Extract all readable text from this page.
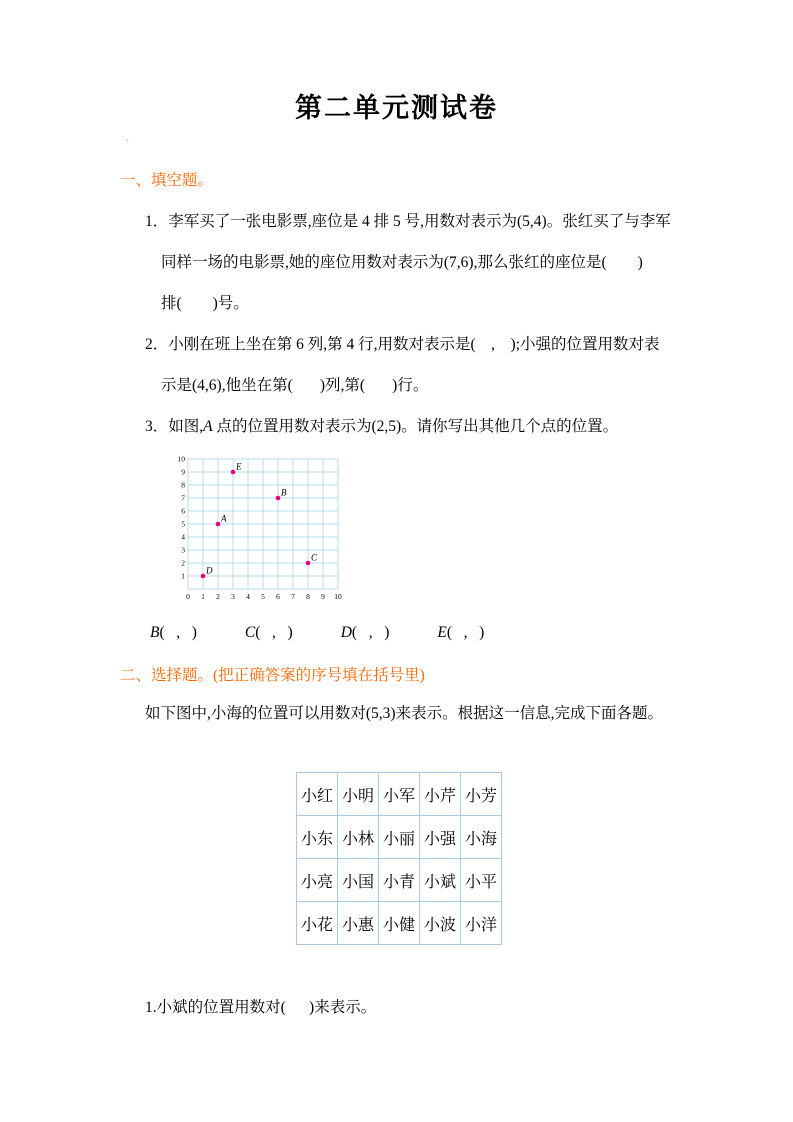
·
第二单元测试卷
一、填空题。
1．李军买了一张电影票,座位是 4 排 5 号,用数对表示为(5,4)。张红买了与李军
同样一场的电影票,她的座位用数对表示为(7,6),那么张红的座位是(        )
排(        )号。
2．小刚在班上坐在第 6 列,第 4 行,用数对表示是(    ,    );小强的位置用数对表
示是(4,6),他坐在第(       )列,第(       )行。
3．如图,A 点的位置用数对表示为(2,5)。请你写出其他几个点的位置。
0 1 2 3 4 5 6 7 8 9 10
1
2
3
4
5
6
7
8
9
10
A
B
C
D
E
B(   ,   )	C(   ,   )	D(   ,   )	E(   ,   )
二、选择题。(把正确答案的序号填在括号里)
如下图中,小海的位置可以用数对(5,3)来表示。根据这一信息,完成下面各题。
小红	小明	小军	小芹	小芳
小东	小林	小丽	小强	小海
小亮	小国	小青	小斌	小平
小花	小惠	小健	小波	小洋
1.小斌的位置用数对(      )来表示。
